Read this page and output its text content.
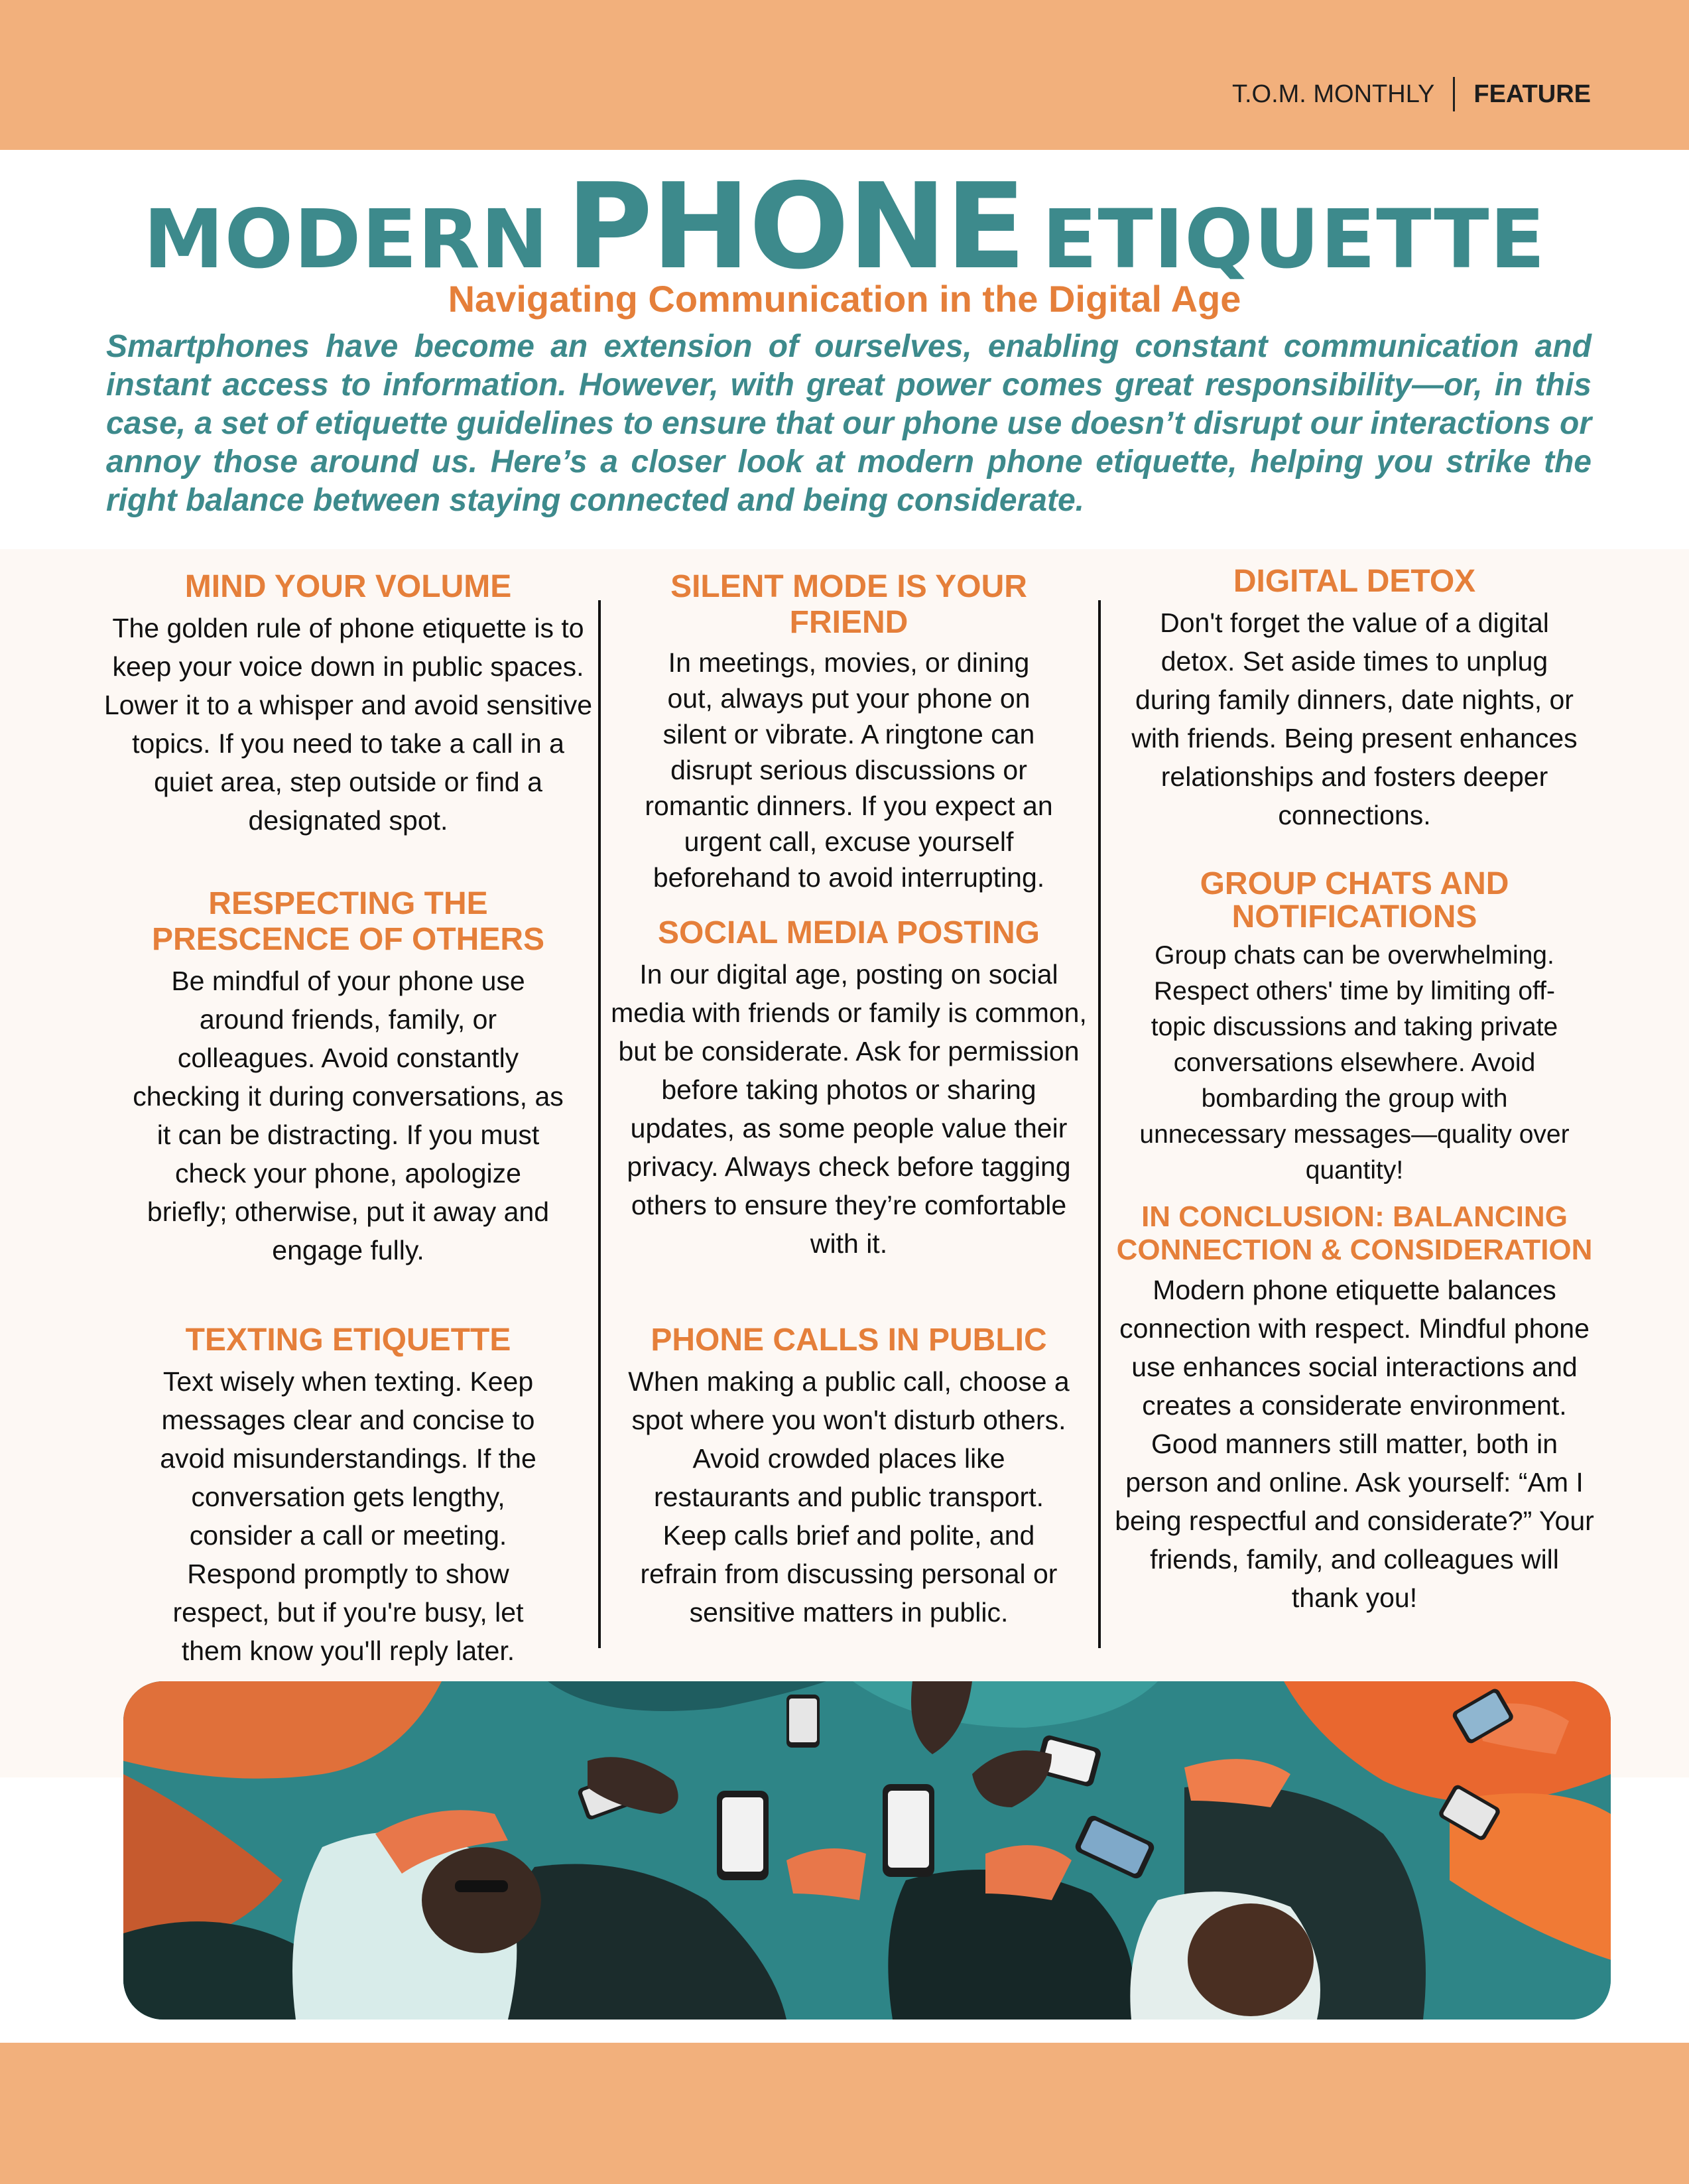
T.O.M. MONTHLY FEATURE
MODERN PHONE ETIQUETTE
Navigating Communication in the Digital Age
Smartphones have become an extension of ourselves, enabling constant communication and instant access to information. However, with great power comes great responsibility—or, in this case, a set of etiquette guidelines to ensure that our phone use doesn’t disrupt our interactions or annoy those around us. Here’s a closer look at modern phone etiquette, helping you strike the right balance between staying connected and being considerate.
MIND YOUR VOLUME

The golden rule of phone etiquette is to keep your voice down in public spaces. Lower it to a whisper and avoid sensitive topics. If you need to take a call in a quiet area, step outside or find a designated spot.

RESPECTING THE PRESCENCE OF OTHERS

Be mindful of your phone use around friends, family, or colleagues. Avoid constantly checking it during conversations, as it can be distracting. If you must check your phone, apologize briefly; otherwise, put it away and engage fully.

TEXTING ETIQUETTE

Text wisely when texting. Keep messages clear and concise to avoid misunderstandings. If the conversation gets lengthy, consider a call or meeting. Respond promptly to show respect, but if you're busy, let them know you'll reply later.

SILENT MODE IS YOUR FRIEND

In meetings, movies, or dining out, always put your phone on silent or vibrate. A ringtone can disrupt serious discussions or romantic dinners. If you expect an urgent call, excuse yourself beforehand to avoid interrupting.

SOCIAL MEDIA POSTING

In our digital age, posting on social media with friends or family is common, but be considerate. Ask for permission before taking photos or sharing updates, as some people value their privacy. Always check before tagging others to ensure they’re comfortable with it.

PHONE CALLS IN PUBLIC

When making a public call, choose a spot where you won't disturb others. Avoid crowded places like restaurants and public transport. Keep calls brief and polite, and refrain from discussing personal or sensitive matters in public.

DIGITAL DETOX

Don't forget the value of a digital detox. Set aside times to unplug during family dinners, date nights, or with friends. Being present enhances relationships and fosters deeper connections.

GROUP CHATS AND NOTIFICATIONS

Group chats can be overwhelming. Respect others' time by limiting off-topic discussions and taking private conversations elsewhere. Avoid bombarding the group with unnecessary messages—quality over quantity!

IN CONCLUSION: BALANCING CONNECTION & CONSIDERATION

Modern phone etiquette balances connection with respect. Mindful phone use enhances social interactions and creates a considerate environment. Good manners still matter, both in person and online. Ask yourself: “Am I being respectful and considerate?” Your friends, family, and colleagues will thank you!
